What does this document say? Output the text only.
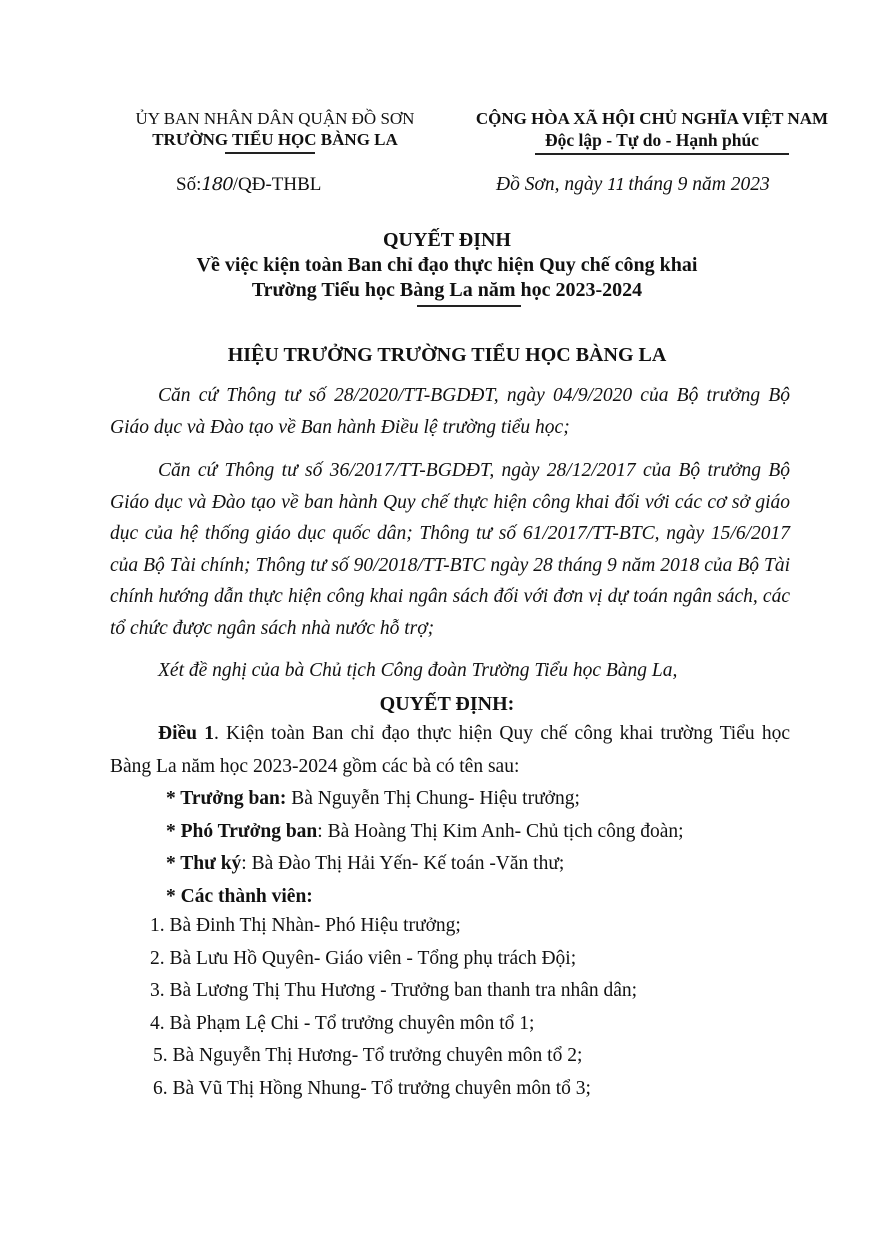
ỦY BAN NHÂN DÂN QUẬN ĐỒ SƠN
TRƯỜNG TIỂU HỌC BÀNG LA
CỘNG HÒA XÃ HỘI CHỦ NGHĨA VIỆT NAM
Độc lập - Tự do - Hạnh phúc
Số:180/QĐ-THBL	Đồ Sơn, ngày 11 tháng 9 năm 2023
QUYẾT ĐỊNH
Về việc kiện toàn Ban chỉ đạo thực hiện Quy chế công khai
Trường Tiểu học Bàng La năm học 2023-2024
HIỆU TRƯỞNG TRƯỜNG TIỂU HỌC BÀNG LA
Căn cứ Thông tư số 28/2020/TT-BGDĐT, ngày 04/9/2020 của Bộ trưởng Bộ Giáo dục và Đào tạo về Ban hành Điều lệ trường tiểu học;
Căn cứ Thông tư số 36/2017/TT-BGDĐT, ngày 28/12/2017 của Bộ trưởng Bộ Giáo dục và Đào tạo về ban hành Quy chế thực hiện công khai đối với các cơ sở giáo dục của hệ thống giáo dục quốc dân; Thông tư số 61/2017/TT-BTC, ngày 15/6/2017 của Bộ Tài chính; Thông tư số 90/2018/TT-BTC ngày 28 tháng 9 năm 2018 của Bộ Tài chính hướng dẫn thực hiện công khai ngân sách đối với đơn vị dự toán ngân sách, các tổ chức được ngân sách nhà nước hỗ trợ;
Xét đề nghị của bà Chủ tịch Công đoàn Trường Tiểu học Bàng La,
QUYẾT ĐỊNH:
Điều 1. Kiện toàn Ban chỉ đạo thực hiện Quy chế công khai trường Tiểu học Bàng La năm học 2023-2024 gồm các bà có tên sau:
* Trưởng ban: Bà Nguyễn Thị Chung- Hiệu trưởng;
* Phó Trưởng ban: Bà Hoàng Thị Kim Anh- Chủ tịch công đoàn;
* Thư ký: Bà Đào Thị Hải Yến- Kế toán -Văn thư;
* Các thành viên:
1. Bà Đinh Thị Nhàn- Phó Hiệu trưởng;
2. Bà Lưu Hồ Quyên- Giáo viên - Tổng phụ trách Đội;
3. Bà Lương Thị Thu Hương - Trưởng ban thanh tra nhân dân;
4. Bà Phạm Lệ Chi - Tổ trưởng chuyên môn tổ 1;
5. Bà Nguyễn Thị Hương- Tổ trưởng chuyên môn tổ 2;
6. Bà Vũ Thị Hồng Nhung- Tổ trưởng chuyên môn tổ 3;
